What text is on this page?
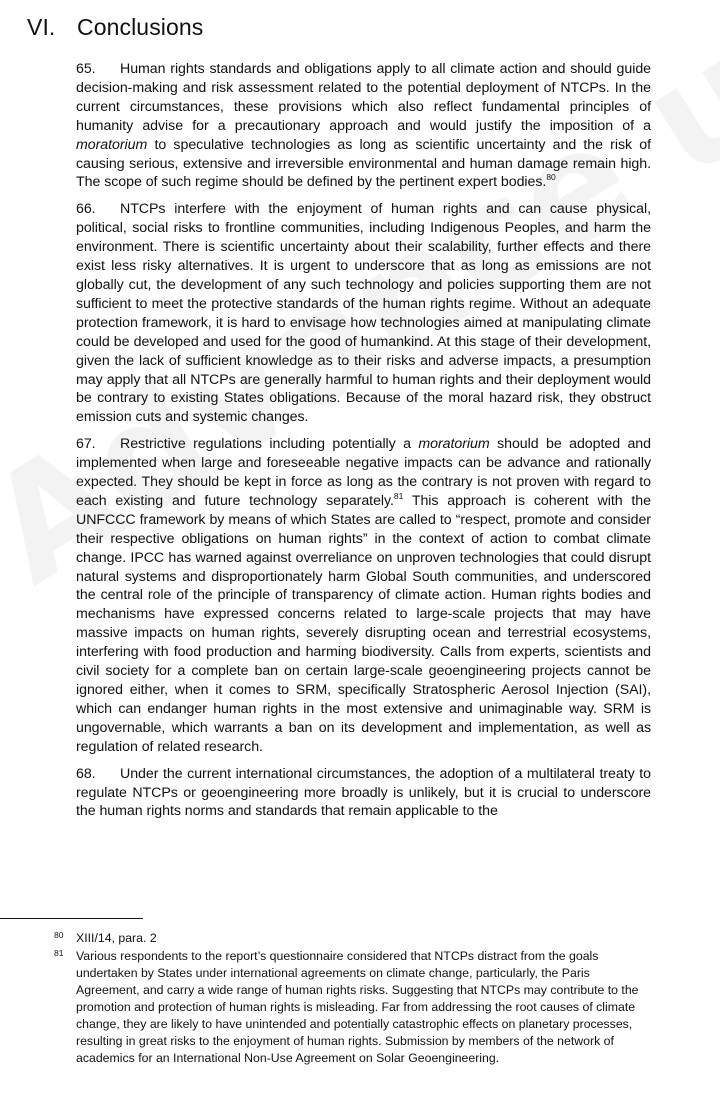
VI. Conclusions

65. Human rights standards and obligations apply to all climate action and should guide decision-making and risk assessment related to the potential deployment of NTCPs. In the current circumstances, these provisions which also reflect fundamental principles of humanity advise for a precautionary approach and would justify the imposition of a moratorium to speculative technologies as long as scientific uncertainty and the risk of causing serious, extensive and irreversible environmental and human damage remain high. The scope of such regime should be defined by the pertinent expert bodies.$^{80}$

66. NTCPs interfere with the enjoyment of human rights and can cause physical, political, social risks to frontline communities, including Indigenous Peoples, and harm the environment. There is scientific uncertainty about their scalability, further effects and there exist less risky alternatives. It is urgent to underscore that as long as emissions are not globally cut, the development of any such technology and policies supporting them are not sufficient to meet the protective standards of the human rights regime. Without an adequate protection framework, it is hard to envisage how technologies aimed at manipulating climate could be developed and used for the good of humankind. At this stage of their development, given the lack of sufficient knowledge as to their risks and adverse impacts, a presumption may apply that all NTCPs are generally harmful to human rights and their deployment would be contrary to existing States obligations. Because of the moral hazard risk, they obstruct emission cuts and systemic changes.

67. Restrictive regulations including potentially a moratorium should be adopted and implemented when large and foreseeable negative impacts can be advance and rationally expected. They should be kept in force as long as the contrary is not proven with regard to each existing and future technology separately.$^{81}$ This approach is coherent with the UNFCCC framework by means of which States are called to “respect, promote and consider their respective obligations on human rights” in the context of action to combat climate change. IPCC has warned against overreliance on unproven technologies that could disrupt natural systems and disproportionately harm Global South communities, and underscored the central role of the principle of transparency of climate action. Human rights bodies and mechanisms have expressed concerns related to large-scale projects that may have massive impacts on human rights, severely disrupting ocean and terrestrial ecosystems, interfering with food production and harming biodiversity. Calls from experts, scientists and civil society for a complete ban on certain large-scale geoengineering projects cannot be ignored either, when it comes to SRM, specifically Stratospheric Aerosol Injection (SAI), which can endanger human rights in the most extensive and unimaginable way. SRM is ungovernable, which warrants a ban on its development and implementation, as well as regulation of related research.

68. Under the current international circumstances, the adoption of a multilateral treaty to regulate NTCPs or geoengineering more broadly is unlikely, but it is crucial to underscore the human rights norms and standards that remain applicable to the

80 XIII/14, para. 2
81 Various respondents to the report’s questionnaire considered that NTCPs distract from the goals undertaken by States under international agreements on climate change, particularly, the Paris Agreement, and carry a wide range of human rights risks. Suggesting that NTCPs may contribute to the promotion and protection of human rights is misleading. Far from addressing the root causes of climate change, they are likely to have unintended and potentially catastrophic effects on planetary processes, resulting in great risks to the enjoyment of human rights. Submission by members of the network of academics for an International Non-Use Agreement on Solar Geoengineering.
